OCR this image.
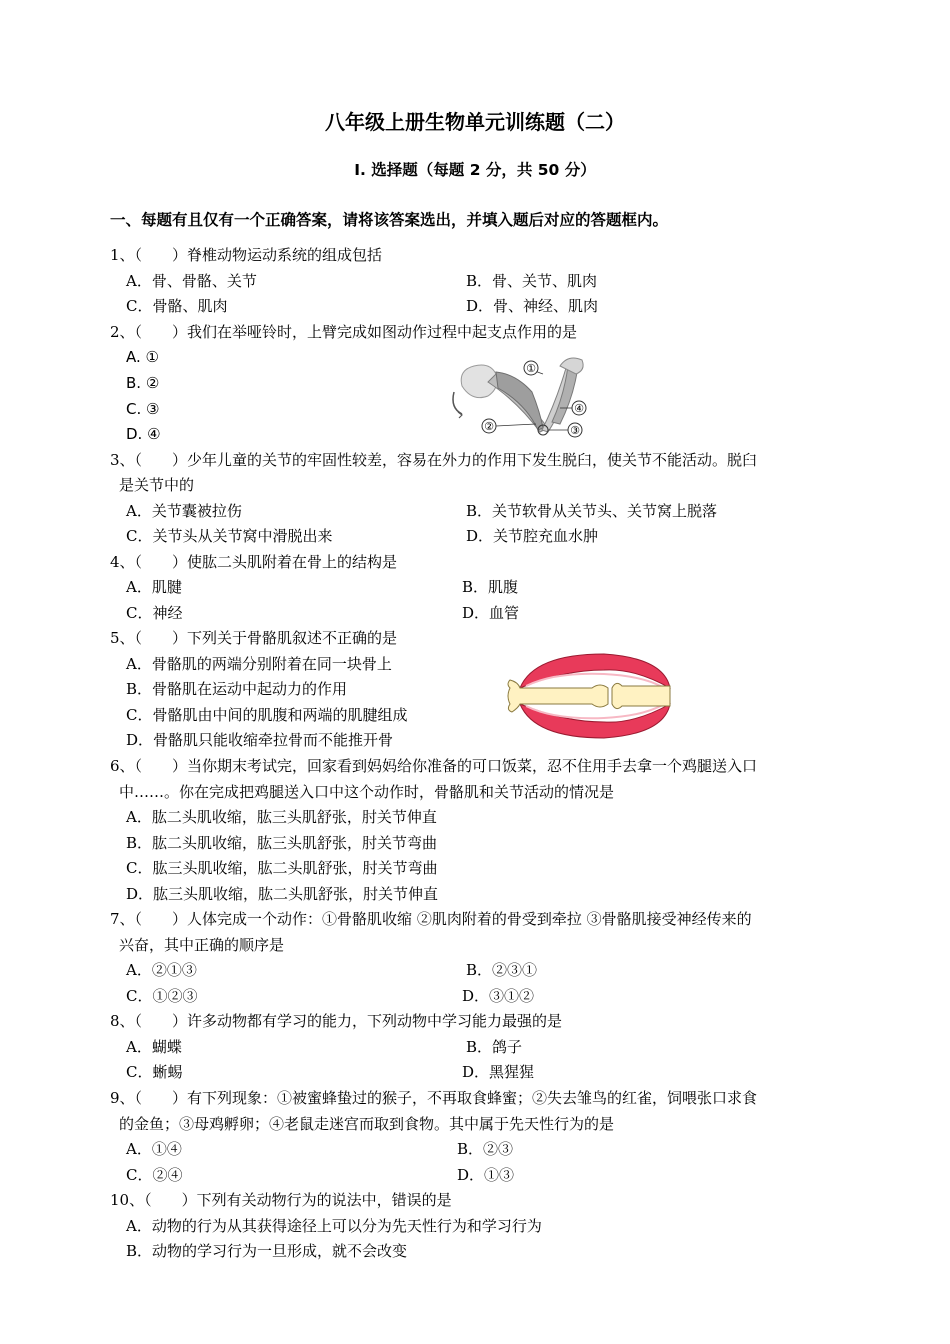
八年级上册生物单元训练题（二）
Ⅰ. 选择题（每题 2 分，共 50 分）
一、每题有且仅有一个正确答案，请将该答案选出，并填入题后对应的答题框内。
1、（　　）脊椎动物运动系统的组成包括
A．骨、骨骼、关节	B．骨、关节、肌肉
C．骨骼、肌肉	D．骨、神经、肌肉
2、（　　）我们在举哑铃时，上臂完成如图动作过程中起支点作用的是
A. ①
B. ②
C. ③
D. ④
①
②	③
④
3、（　　）少年儿童的关节的牢固性较差，容易在外力的作用下发生脱臼，使关节不能活动。脱臼
是关节中的
A．关节囊被拉伤	B．关节软骨从关节头、关节窝上脱落
C．关节头从关节窝中滑脱出来	D．关节腔充血水肿
4、（　　）使肱二头肌附着在骨上的结构是
A．肌腱	B．肌腹
C．神经	D．血管
5、（　　）下列关于骨骼肌叙述不正确的是
A．骨骼肌的两端分别附着在同一块骨上
B．骨骼肌在运动中起动力的作用
C．骨骼肌由中间的肌腹和两端的肌腱组成
D．骨骼肌只能收缩牵拉骨而不能推开骨
6、（　　）当你期末考试完，回家看到妈妈给你准备的可口饭菜，忍不住用手去拿一个鸡腿送入口
中……。你在完成把鸡腿送入口中这个动作时，骨骼肌和关节活动的情况是
A．肱二头肌收缩，肱三头肌舒张，肘关节伸直
B．肱二头肌收缩，肱三头肌舒张，肘关节弯曲
C．肱三头肌收缩，肱二头肌舒张，肘关节弯曲
D．肱三头肌收缩，肱二头肌舒张，肘关节伸直
7、（　　）人体完成一个动作：①骨骼肌收缩 ②肌肉附着的骨受到牵拉 ③骨骼肌接受神经传来的
兴奋，其中正确的顺序是
A．②①③	B．②③①
C．①②③	D．③①②
8、（　　）许多动物都有学习的能力，下列动物中学习能力最强的是
A．蝴蝶	B．鸽子
C．蜥蜴	D．黑猩猩
9、（　　）有下列现象：①被蜜蜂蛰过的猴子，不再取食蜂蜜；②失去雏鸟的红雀，饲喂张口求食
的金鱼；③母鸡孵卵；④老鼠走迷宫而取到食物。其中属于先天性行为的是
A．①④	B．②③
C．②④	D．①③
10、（　　）下列有关动物行为的说法中，错误的是
A．动物的行为从其获得途径上可以分为先天性行为和学习行为
B．动物的学习行为一旦形成，就不会改变
